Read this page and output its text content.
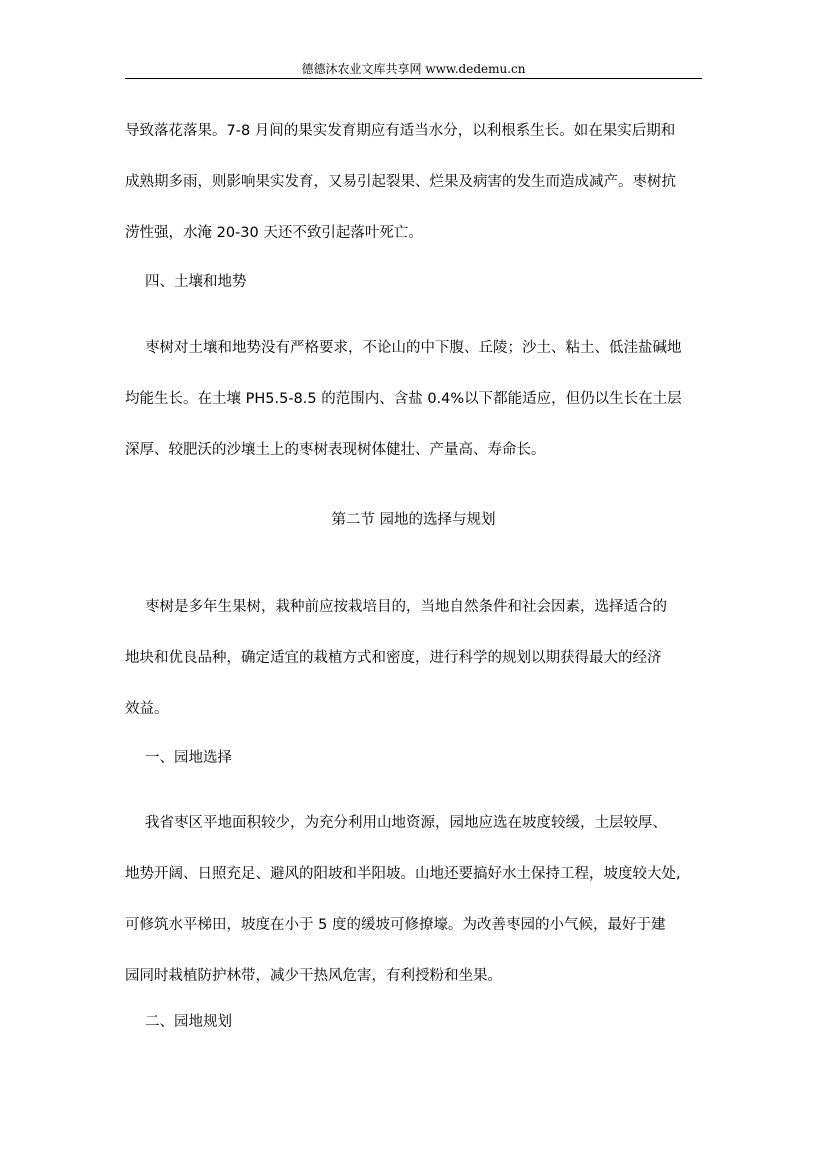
德德沐农业文库共享网 www.dedemu.cn
导致落花落果。7-8 月间的果实发育期应有适当水分，以利根系生长。如在果实后期和
成熟期多雨，则影响果实发育，又易引起裂果、烂果及病害的发生而造成减产。枣树抗
涝性强，水淹 20-30 天还不致引起落叶死亡。
四、土壤和地势
枣树对土壤和地势没有严格要求，不论山的中下腹、丘陵；沙土、粘土、低洼盐碱地
均能生长。在土壤 PH5.5-8.5 的范围内、含盐 0.4%以下都能适应，但仍以生长在土层
深厚、较肥沃的沙壤土上的枣树表现树体健壮、产量高、寿命长。
第二节 园地的选择与规划
枣树是多年生果树，栽种前应按栽培目的，当地自然条件和社会因素，选择适合的
地块和优良品种，确定适宜的栽植方式和密度，进行科学的规划以期获得最大的经济
效益。
一、园地选择
我省枣区平地面积较少，为充分利用山地资源，园地应选在坡度较缓，土层较厚、
地势开阔、日照充足、避风的阳坡和半阳坡。山地还要搞好水土保持工程，坡度较大处,
可修筑水平梯田，坡度在小于 5 度的缓坡可修撩壕。为改善枣园的小气候，最好于建
园同时栽植防护林带，减少干热风危害，有利授粉和坐果。
二、园地规划
